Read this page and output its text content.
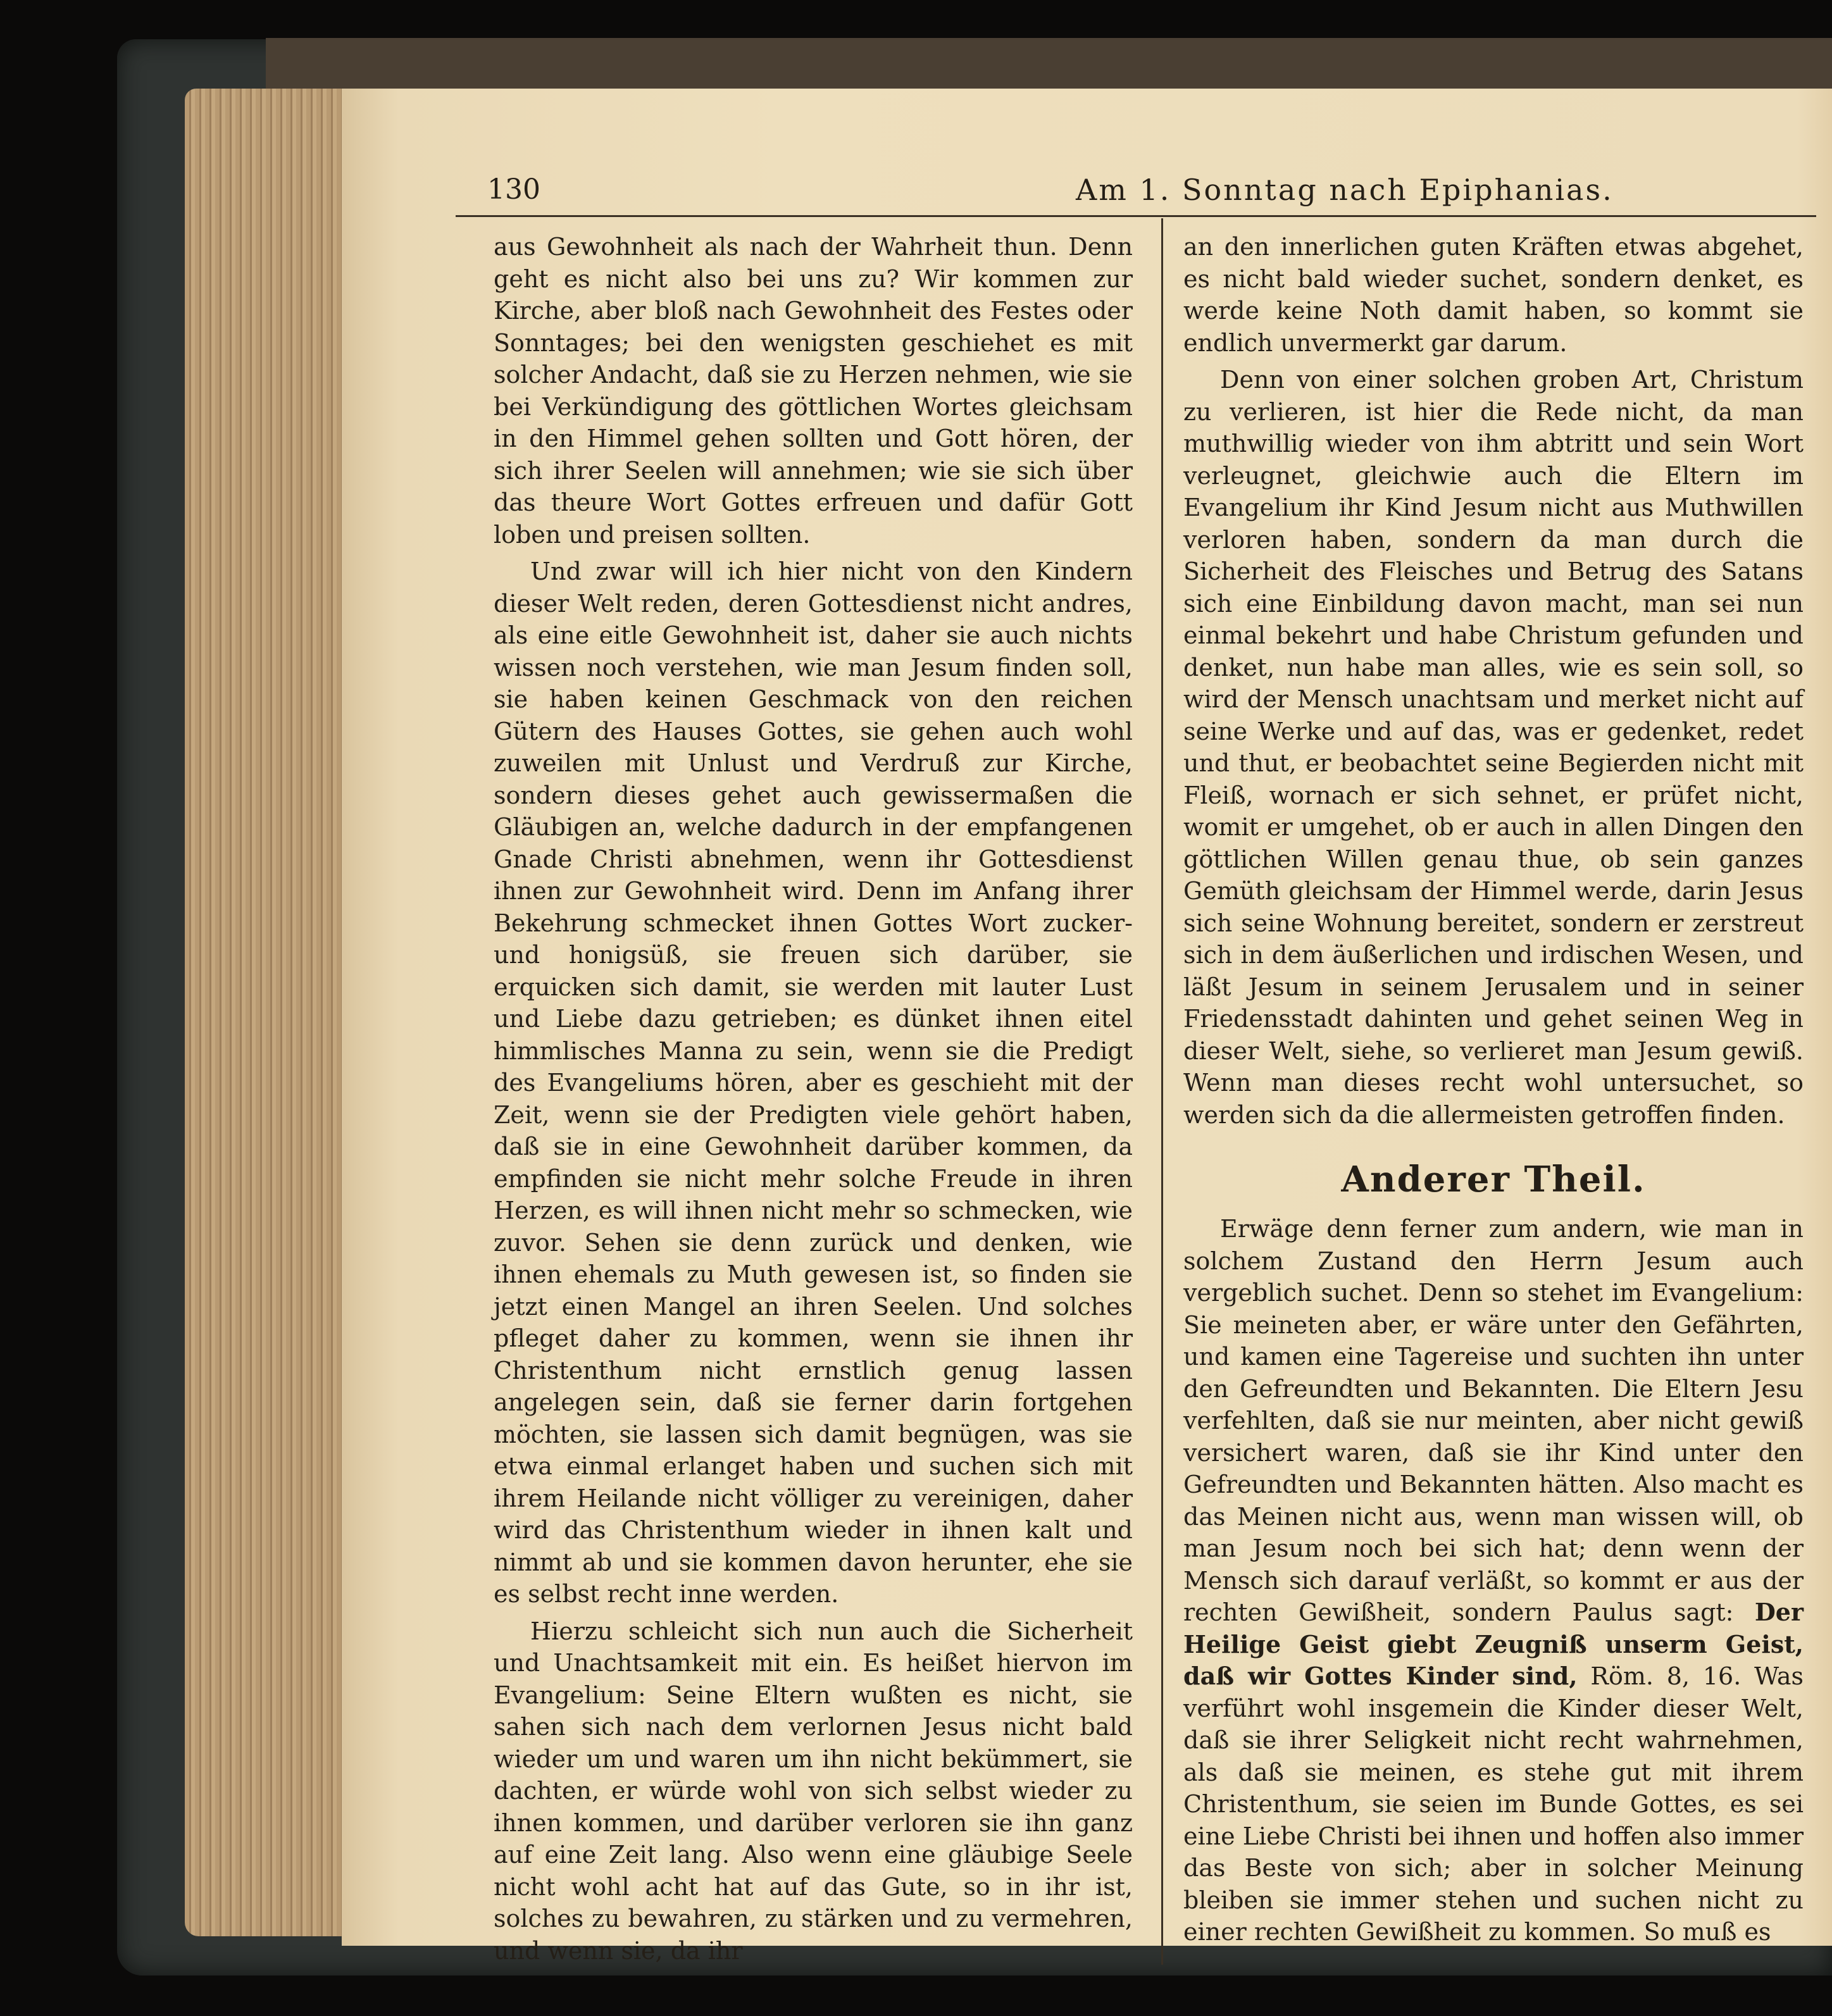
130	Am 1. Sonntag nach Epiphanias.

aus Gewohnheit als nach der Wahrheit thun. Denn geht es nicht also bei uns zu? Wir kommen zur Kirche, aber bloß nach Gewohnheit des Festes oder Sonntages; bei den wenigsten geschiehet es mit solcher Andacht, daß sie zu Herzen nehmen, wie sie bei Verkündigung des göttlichen Wortes gleichsam in den Himmel gehen sollten und Gott hören, der sich ihrer Seelen will annehmen; wie sie sich über das theure Wort Gottes erfreuen und dafür Gott loben und preisen sollten.

Und zwar will ich hier nicht von den Kindern dieser Welt reden, deren Gottesdienst nicht andres, als eine eitle Gewohnheit ist, daher sie auch nichts wissen noch verstehen, wie man Jesum finden soll, sie haben keinen Geschmack von den reichen Gütern des Hauses Gottes, sie gehen auch wohl zuweilen mit Unlust und Verdruß zur Kirche, sondern dieses gehet auch gewissermaßen die Gläubigen an, welche dadurch in der empfangenen Gnade Christi abnehmen, wenn ihr Gottesdienst ihnen zur Gewohnheit wird. Denn im Anfang ihrer Bekehrung schmecket ihnen Gottes Wort zucker- und honigsüß, sie freuen sich darüber, sie erquicken sich damit, sie werden mit lauter Lust und Liebe dazu getrieben; es dünket ihnen eitel himmlisches Manna zu sein, wenn sie die Predigt des Evangeliums hören, aber es geschieht mit der Zeit, wenn sie der Predigten viele gehört haben, daß sie in eine Gewohnheit darüber kommen, da empfinden sie nicht mehr solche Freude in ihren Herzen, es will ihnen nicht mehr so schmecken, wie zuvor. Sehen sie denn zurück und denken, wie ihnen ehemals zu Muth gewesen ist, so finden sie jetzt einen Mangel an ihren Seelen. Und solches pfleget daher zu kommen, wenn sie ihnen ihr Christenthum nicht ernstlich genug lassen angelegen sein, daß sie ferner darin fortgehen möchten, sie lassen sich damit begnügen, was sie etwa einmal erlanget haben und suchen sich mit ihrem Heilande nicht völliger zu vereinigen, daher wird das Christenthum wieder in ihnen kalt und nimmt ab und sie kommen davon herunter, ehe sie es selbst recht inne werden.

Hierzu schleicht sich nun auch die Sicherheit und Unachtsamkeit mit ein. Es heißet hiervon im Evangelium: Seine Eltern wußten es nicht, sie sahen sich nach dem verlornen Jesus nicht bald wieder um und waren um ihn nicht bekümmert, sie dachten, er würde wohl von sich selbst wieder zu ihnen kommen, und darüber verloren sie ihn ganz auf eine Zeit lang. Also wenn eine gläubige Seele nicht wohl acht hat auf das Gute, so in ihr ist, solches zu bewahren, zu stärken und zu vermehren, und wenn sie, da ihr

an den innerlichen guten Kräften etwas abgehet, es nicht bald wieder suchet, sondern denket, es werde keine Noth damit haben, so kommt sie endlich unvermerkt gar darum.

Denn von einer solchen groben Art, Christum zu verlieren, ist hier die Rede nicht, da man muthwillig wieder von ihm abtritt und sein Wort verleugnet, gleichwie auch die Eltern im Evangelium ihr Kind Jesum nicht aus Muthwillen verloren haben, sondern da man durch die Sicherheit des Fleisches und Betrug des Satans sich eine Einbildung davon macht, man sei nun einmal bekehrt und habe Christum gefunden und denket, nun habe man alles, wie es sein soll, so wird der Mensch unachtsam und merket nicht auf seine Werke und auf das, was er gedenket, redet und thut, er beobachtet seine Begierden nicht mit Fleiß, wornach er sich sehnet, er prüfet nicht, womit er umgehet, ob er auch in allen Dingen den göttlichen Willen genau thue, ob sein ganzes Gemüth gleichsam der Himmel werde, darin Jesus sich seine Wohnung bereitet, sondern er zerstreut sich in dem äußerlichen und irdischen Wesen, und läßt Jesum in seinem Jerusalem und in seiner Friedensstadt dahinten und gehet seinen Weg in dieser Welt, siehe, so verlieret man Jesum gewiß. Wenn man dieses recht wohl untersuchet, so werden sich da die allermeisten getroffen finden.

Anderer Theil.

Erwäge denn ferner zum andern, wie man in solchem Zustand den Herrn Jesum auch vergeblich suchet. Denn so stehet im Evangelium: Sie meineten aber, er wäre unter den Gefährten, und kamen eine Tagereise und suchten ihn unter den Gefreundten und Bekannten. Die Eltern Jesu verfehlten, daß sie nur meinten, aber nicht gewiß versichert waren, daß sie ihr Kind unter den Gefreundten und Bekannten hätten. Also macht es das Meinen nicht aus, wenn man wissen will, ob man Jesum noch bei sich hat; denn wenn der Mensch sich darauf verläßt, so kommt er aus der rechten Gewißheit, sondern Paulus sagt: Der Heilige Geist giebt Zeugniß unserm Geist, daß wir Gottes Kinder sind, Röm. 8, 16. Was verführt wohl insgemein die Kinder dieser Welt, daß sie ihrer Seligkeit nicht recht wahrnehmen, als daß sie meinen, es stehe gut mit ihrem Christenthum, sie seien im Bunde Gottes, es sei eine Liebe Christi bei ihnen und hoffen also immer das Beste von sich; aber in solcher Meinung bleiben sie immer stehen und suchen nicht zu einer rechten Gewißheit zu kommen. So muß es
